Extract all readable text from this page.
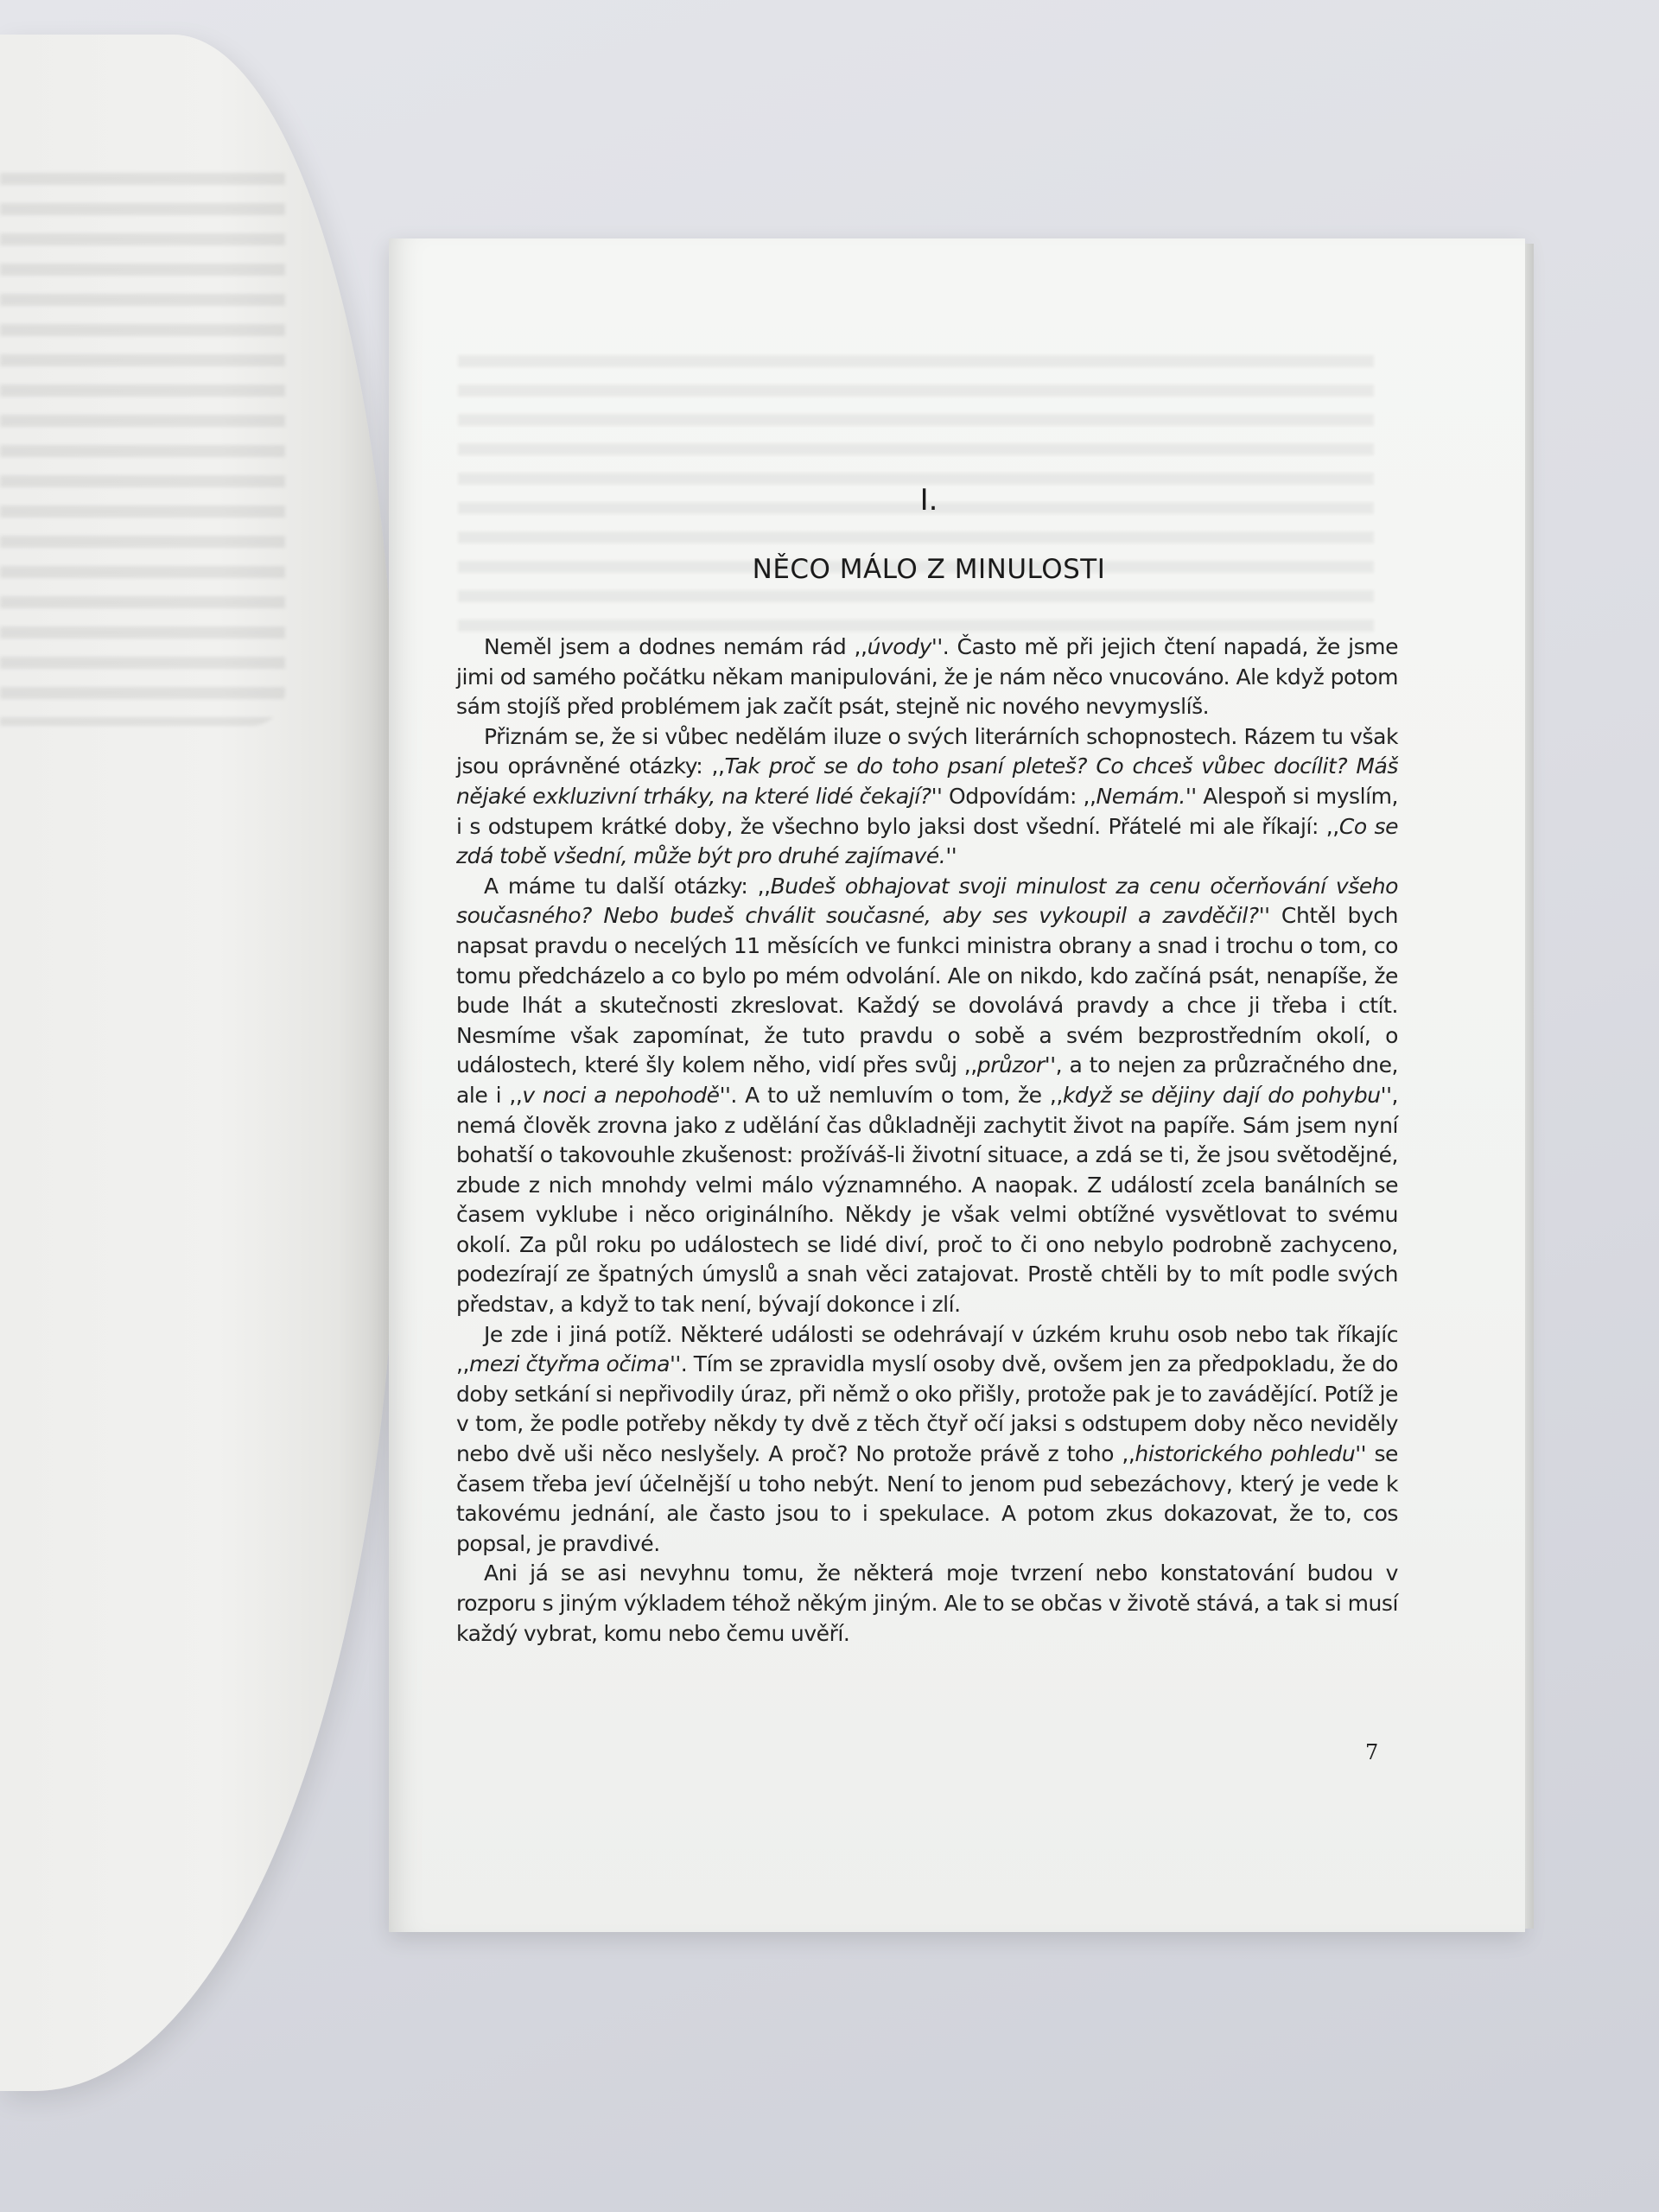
I.
NĚCO MÁLO Z MINULOSTI

Neměl jsem a dodnes nemám rád ,,úvody''. Často mě při jejich čtení napadá, že jsme jimi od samého počátku někam manipulováni, že je nám něco vnucováno. Ale když potom sám stojíš před problémem jak začít psát, stejně nic nového nevymyslíš.

Přiznám se, že si vůbec nedělám iluze o svých literárních schopnostech. Rázem tu však jsou oprávněné otázky: ,,Tak proč se do toho psaní pleteš? Co chceš vůbec docílit? Máš nějaké exkluzivní trháky, na které lidé čekají?'' Odpovídám: ,,Nemám.'' Alespoň si myslím, i s odstupem krátké doby, že všechno bylo jaksi dost všední. Přátelé mi ale říkají: ,,Co se zdá tobě všední, může být pro druhé zajímavé.''

A máme tu další otázky: ,,Budeš obhajovat svoji minulost za cenu očerňování všeho současného? Nebo budeš chválit současné, aby ses vykoupil a zavděčil?'' Chtěl bych napsat pravdu o necelých 11 měsících ve funkci ministra obrany a snad i trochu o tom, co tomu předcházelo a co bylo po mém odvolání. Ale on nikdo, kdo začíná psát, nenapíše, že bude lhát a skutečnosti zkreslovat. Každý se dovolává pravdy a chce ji třeba i ctít. Nesmíme však zapomínat, že tuto pravdu o sobě a svém bezprostředním okolí, o událostech, které šly kolem něho, vidí přes svůj ,,průzor'', a to nejen za průzračného dne, ale i ,,v noci a nepohodě''. A to už nemluvím o tom, že ,,když se dějiny dají do pohybu'', nemá člověk zrovna jako z udělání čas důkladněji zachytit život na papíře. Sám jsem nyní bohatší o takovouhle zkušenost: prožíváš-li životní situace, a zdá se ti, že jsou světodějné, zbude z nich mnohdy velmi málo významného. A naopak. Z událostí zcela banálních se časem vyklube i něco originálního. Někdy je však velmi obtížné vysvětlovat to svému okolí. Za půl roku po událostech se lidé diví, proč to či ono nebylo podrobně zachyceno, podezírají ze špatných úmyslů a snah věci zatajovat. Prostě chtěli by to mít podle svých představ, a když to tak není, bývají dokonce i zlí.

Je zde i jiná potíž. Některé události se odehrávají v úzkém kruhu osob nebo tak říkajíc ,,mezi čtyřma očima''. Tím se zpravidla myslí osoby dvě, ovšem jen za předpokladu, že do doby setkání si nepřivodily úraz, při němž o oko přišly, protože pak je to zavádějící. Potíž je v tom, že podle potřeby někdy ty dvě z těch čtyř očí jaksi s odstupem doby něco neviděly nebo dvě uši něco neslyšely. A proč? No protože právě z toho ,,historického pohledu'' se časem třeba jeví účelnější u toho nebýt. Není to jenom pud sebezáchovy, který je vede k takovému jednání, ale často jsou to i spekulace. A potom zkus dokazovat, že to, cos popsal, je pravdivé.

Ani já se asi nevyhnu tomu, že některá moje tvrzení nebo konstatování budou v rozporu s jiným výkladem téhož někým jiným. Ale to se občas v životě stává, a tak si musí každý vybrat, komu nebo čemu uvěří.

7
